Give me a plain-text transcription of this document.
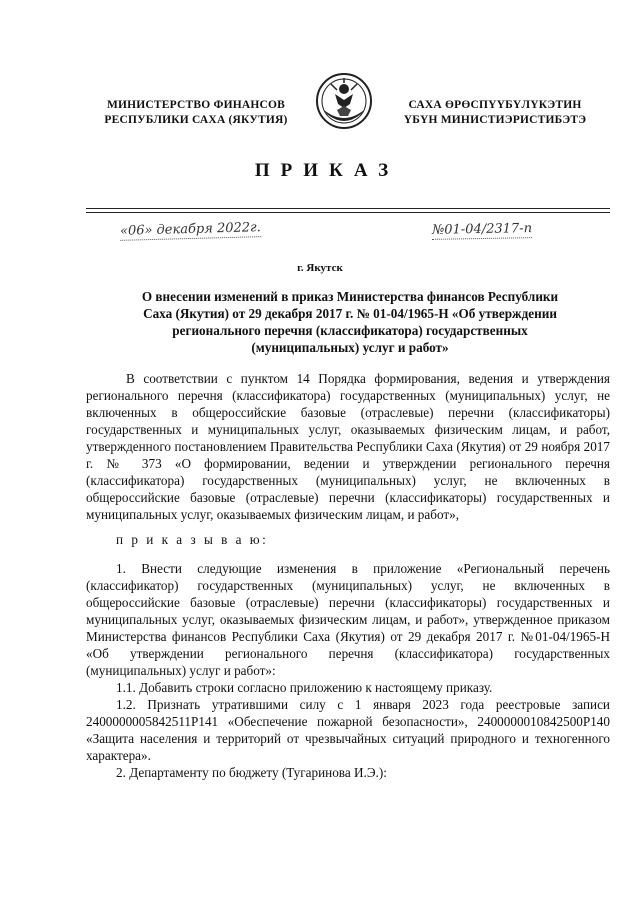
МИНИСТЕРСТВО ФИНАНСОВ
РЕСПУБЛИКИ САХА (ЯКУТИЯ)
САХА ӨРӨСПҮҮБҮЛҮКЭТИН
ҮБҮН МИНИСТИЭРИСТИБЭТЭ
ПРИКАЗ
«06» декабря 2022г.	№01-04/2317-п
г. Якутск
О внесении изменений в приказ Министерства финансов Республики
Саха (Якутия) от 29 декабря 2017 г. № 01-04/1965-Н «Об утверждении
регионального перечня (классификатора) государственных
(муниципальных) услуг и работ»

В соответствии с пунктом 14 Порядка формирования, ведения и утверждения регионального перечня (классификатора) государственных (муниципальных) услуг, не включенных в общероссийские базовые (отраслевые) перечни (классификаторы) государственных и муниципальных услуг, оказываемых физическим лицам, и работ, утвержденного постановлением Правительства Республики Саха (Якутия) от 29 ноября 2017 г. № 373 «О формировании, ведении и утверждении регионального перечня (классификатора) государственных (муниципальных) услуг, не включенных в общероссийские базовые (отраслевые) перечни (классификаторы) государственных и муниципальных услуг, оказываемых физическим лицам, и работ»,

п р и к а з ы в а ю:

1. Внести следующие изменения в приложение «Региональный перечень (классификатор) государственных (муниципальных) услуг, не включенных в общероссийские базовые (отраслевые) перечни (классификаторы) государственных и муниципальных услуг, оказываемых физическим лицам, и работ», утвержденное приказом Министерства финансов Республики Саха (Якутия) от 29 декабря 2017 г. №01-04/1965-Н «Об утверждении регионального перечня (классификатора) государственных (муниципальных) услуг и работ»:

1.1. Добавить строки согласно приложению к настоящему приказу.

1.2. Признать утратившими силу с 1 января 2023 года реестровые записи 2400000005842511Р141 «Обеспечение пожарной безопасности», 2400000010842500Р140 «Защита населения и территорий от чрезвычайных ситуаций природного и техногенного характера».

2. Департаменту по бюджету (Тугаринова И.Э.):
